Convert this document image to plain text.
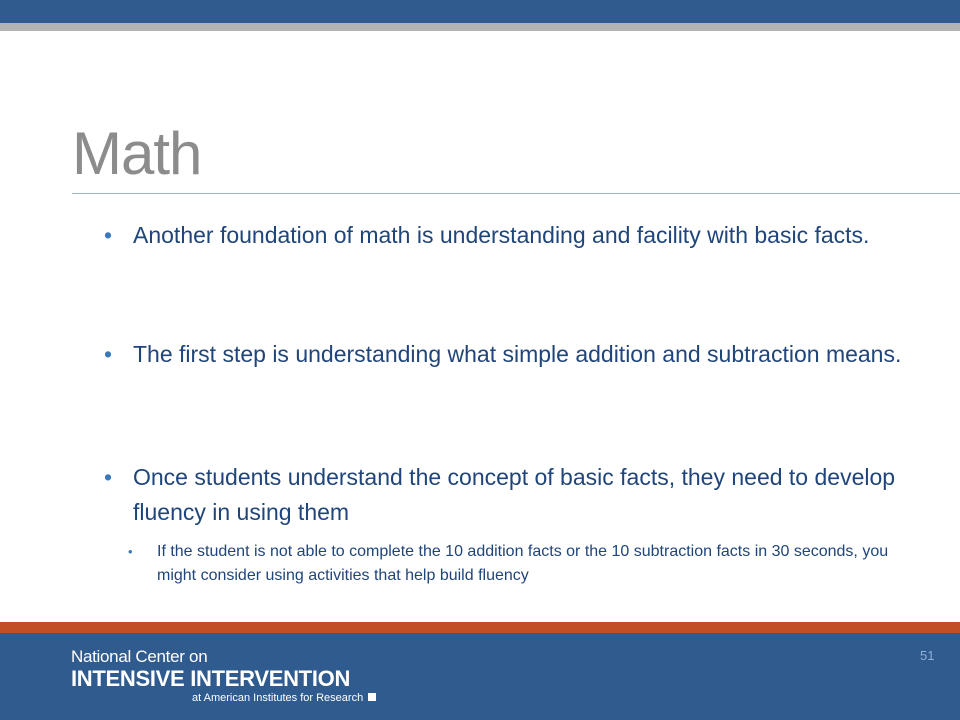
Math
• Another foundation of math is understanding and facility with basic facts.
• The first step is understanding what simple addition and subtraction means.
• Once students understand the concept of basic facts, they need to develop fluency in using them
• If the student is not able to complete the 10 addition facts or the 10 subtraction facts in 30 seconds, you might consider using activities that help build fluency
National Center on
INTENSIVE INTERVENTION
at American Institutes for Research
51
